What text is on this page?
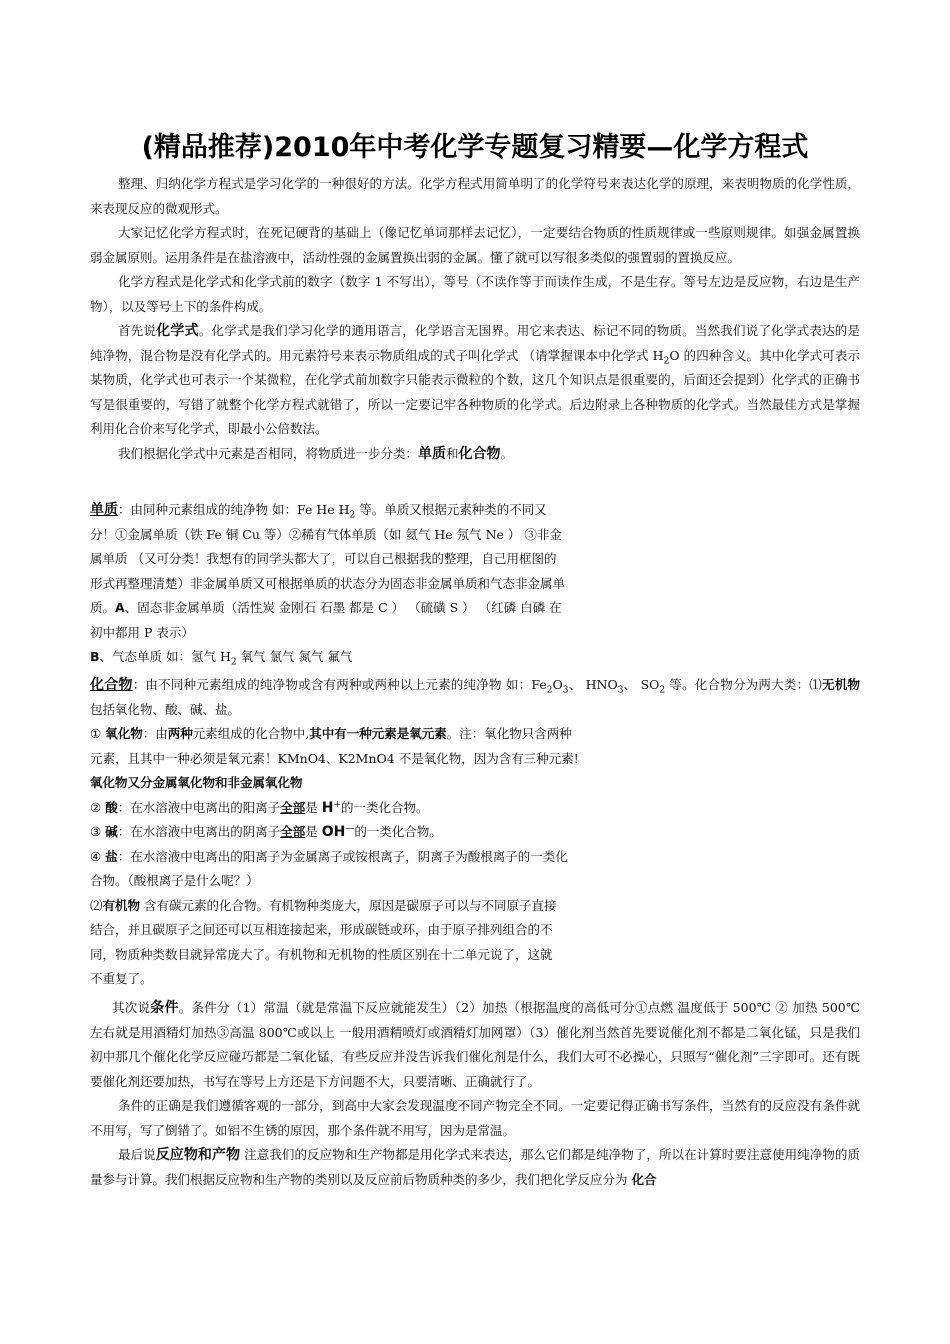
(精品推荐)2010年中考化学专题复习精要—化学方程式

整理、归纳化学方程式是学习化学的一种很好的方法。化学方程式用简单明了的化学符号来表达化学的原理，来表明物质的化学性质，来表现反应的微观形式。

大家记忆化学方程式时，在死记硬背的基础上（像记忆单词那样去记忆），一定要结合物质的性质规律或一些原则规律。如强金属置换弱金属原则。运用条件是在盐溶液中，活动性强的金属置换出弱的金属。懂了就可以写很多类似的强置弱的置换反应。

化学方程式是化学式和化学式前的数字（数字 1 不写出），等号（不读作等于而读作生成，不是生存。等号左边是反应物，右边是生产物），以及等号上下的条件构成。

首先说化学式。化学式是我们学习化学的通用语言，化学语言无国界。用它来表达、标记不同的物质。当然我们说了化学式表达的是纯净物，混合物是没有化学式的。用元素符号来表示物质组成的式子叫化学式 （请掌握课本中化学式 $H_2O$ 的四种含义。其中化学式可表示某物质，化学式也可表示一个某微粒，在化学式前加数字只能表示微粒的个数，这几个知识点是很重要的，后面还会提到）化学式的正确书写是很重要的，写错了就整个化学方程式就错了，所以一定要记牢各种物质的化学式。后边附录上各种物质的化学式。当然最佳方式是掌握利用化合价来写化学式，即最小公倍数法。

我们根据化学式中元素是否相同，将物质进一步分类：单质和化合物。

单质：由同种元素组成的纯净物 如：Fe He $H_2$ 等。单质又根据元素种类的不同又分！①金属单质（铁 Fe 铜 Cu 等）②稀有气体单质（如 氦气 He 氖气 Ne ） ③非金属单质 （又可分类！我想有的同学头都大了，可以自己根据我的整理，自己用框图的形式再整理清楚）非金属单质又可根据单质的状态分为固态非金属单质和气态非金属单质。A、固态非金属单质（活性炭 金刚石 石墨 都是 C ） （硫磺 S ） （红磷 白磷 在初中都用 P 表示）

B、气态单质 如：氢气 $H_2$ 氧气 氯气 氮气 氟气

化合物：由不同种元素组成的纯净物或含有两种或两种以上元素的纯净物 如：$Fe_2O_3$、 $HNO_3$、 $SO_2$ 等。化合物分为两大类：⑴无机物 包括氧化物、酸、碱、盐。

① 氧化物：由两种元素组成的化合物中,其中有一种元素是氧元素。注：氧化物只含两种元素，且其中一种必须是氧元素！KMnO4、K2MnO4 不是氧化物，因为含有三种元素!氧化物又分金属氧化物和非金属氧化物

② 酸：在水溶液中电离出的阳离子全部是 H+的一类化合物。

③ 碱：在水溶液中电离出的阴离子全部是 OH—的一类化合物。

④ 盐：在水溶液中电离出的阳离子为金属离子或铵根离子，阴离子为酸根离子的一类化合物。（酸根离子是什么呢？）

⑵有机物 含有碳元素的化合物。有机物种类庞大，原因是碳原子可以与不同原子直接结合，并且碳原子之间还可以互相连接起来，形成碳链或环，由于原子排列组合的不同，物质种类数目就异常庞大了。有机物和无机物的性质区别在十二单元说了，这就不重复了。

其次说条件。条件分（1）常温（就是常温下反应就能发生）（2）加热（根据温度的高低可分①点燃 温度低于 500℃ ② 加热 500℃ 左右就是用酒精灯加热③高温 800℃或以上 一般用酒精喷灯或酒精灯加网罩）（3）催化剂当然首先要说催化剂不都是二氧化锰，只是我们初中那几个催化化学反应碰巧都是二氧化锰，有些反应并没告诉我们催化剂是什么，我们大可不必操心，只照写“催化剂”三字即可。还有既要催化剂还要加热，书写在等号上方还是下方问题不大，只要清晰、正确就行了。

条件的正确是我们遵循客观的一部分，到高中大家会发现温度不同产物完全不同。一定要记得正确书写条件，当然有的反应没有条件就不用写，写了倒错了。如铝不生锈的原因，那个条件就不用写，因为是常温。

最后说反应物和产物 注意我们的反应物和生产物都是用化学式来表达，那么它们都是纯净物了，所以在计算时要注意使用纯净物的质量参与计算。我们根据反应物和生产物的类别以及反应前后物质种类的多少，我们把化学反应分为 化合
